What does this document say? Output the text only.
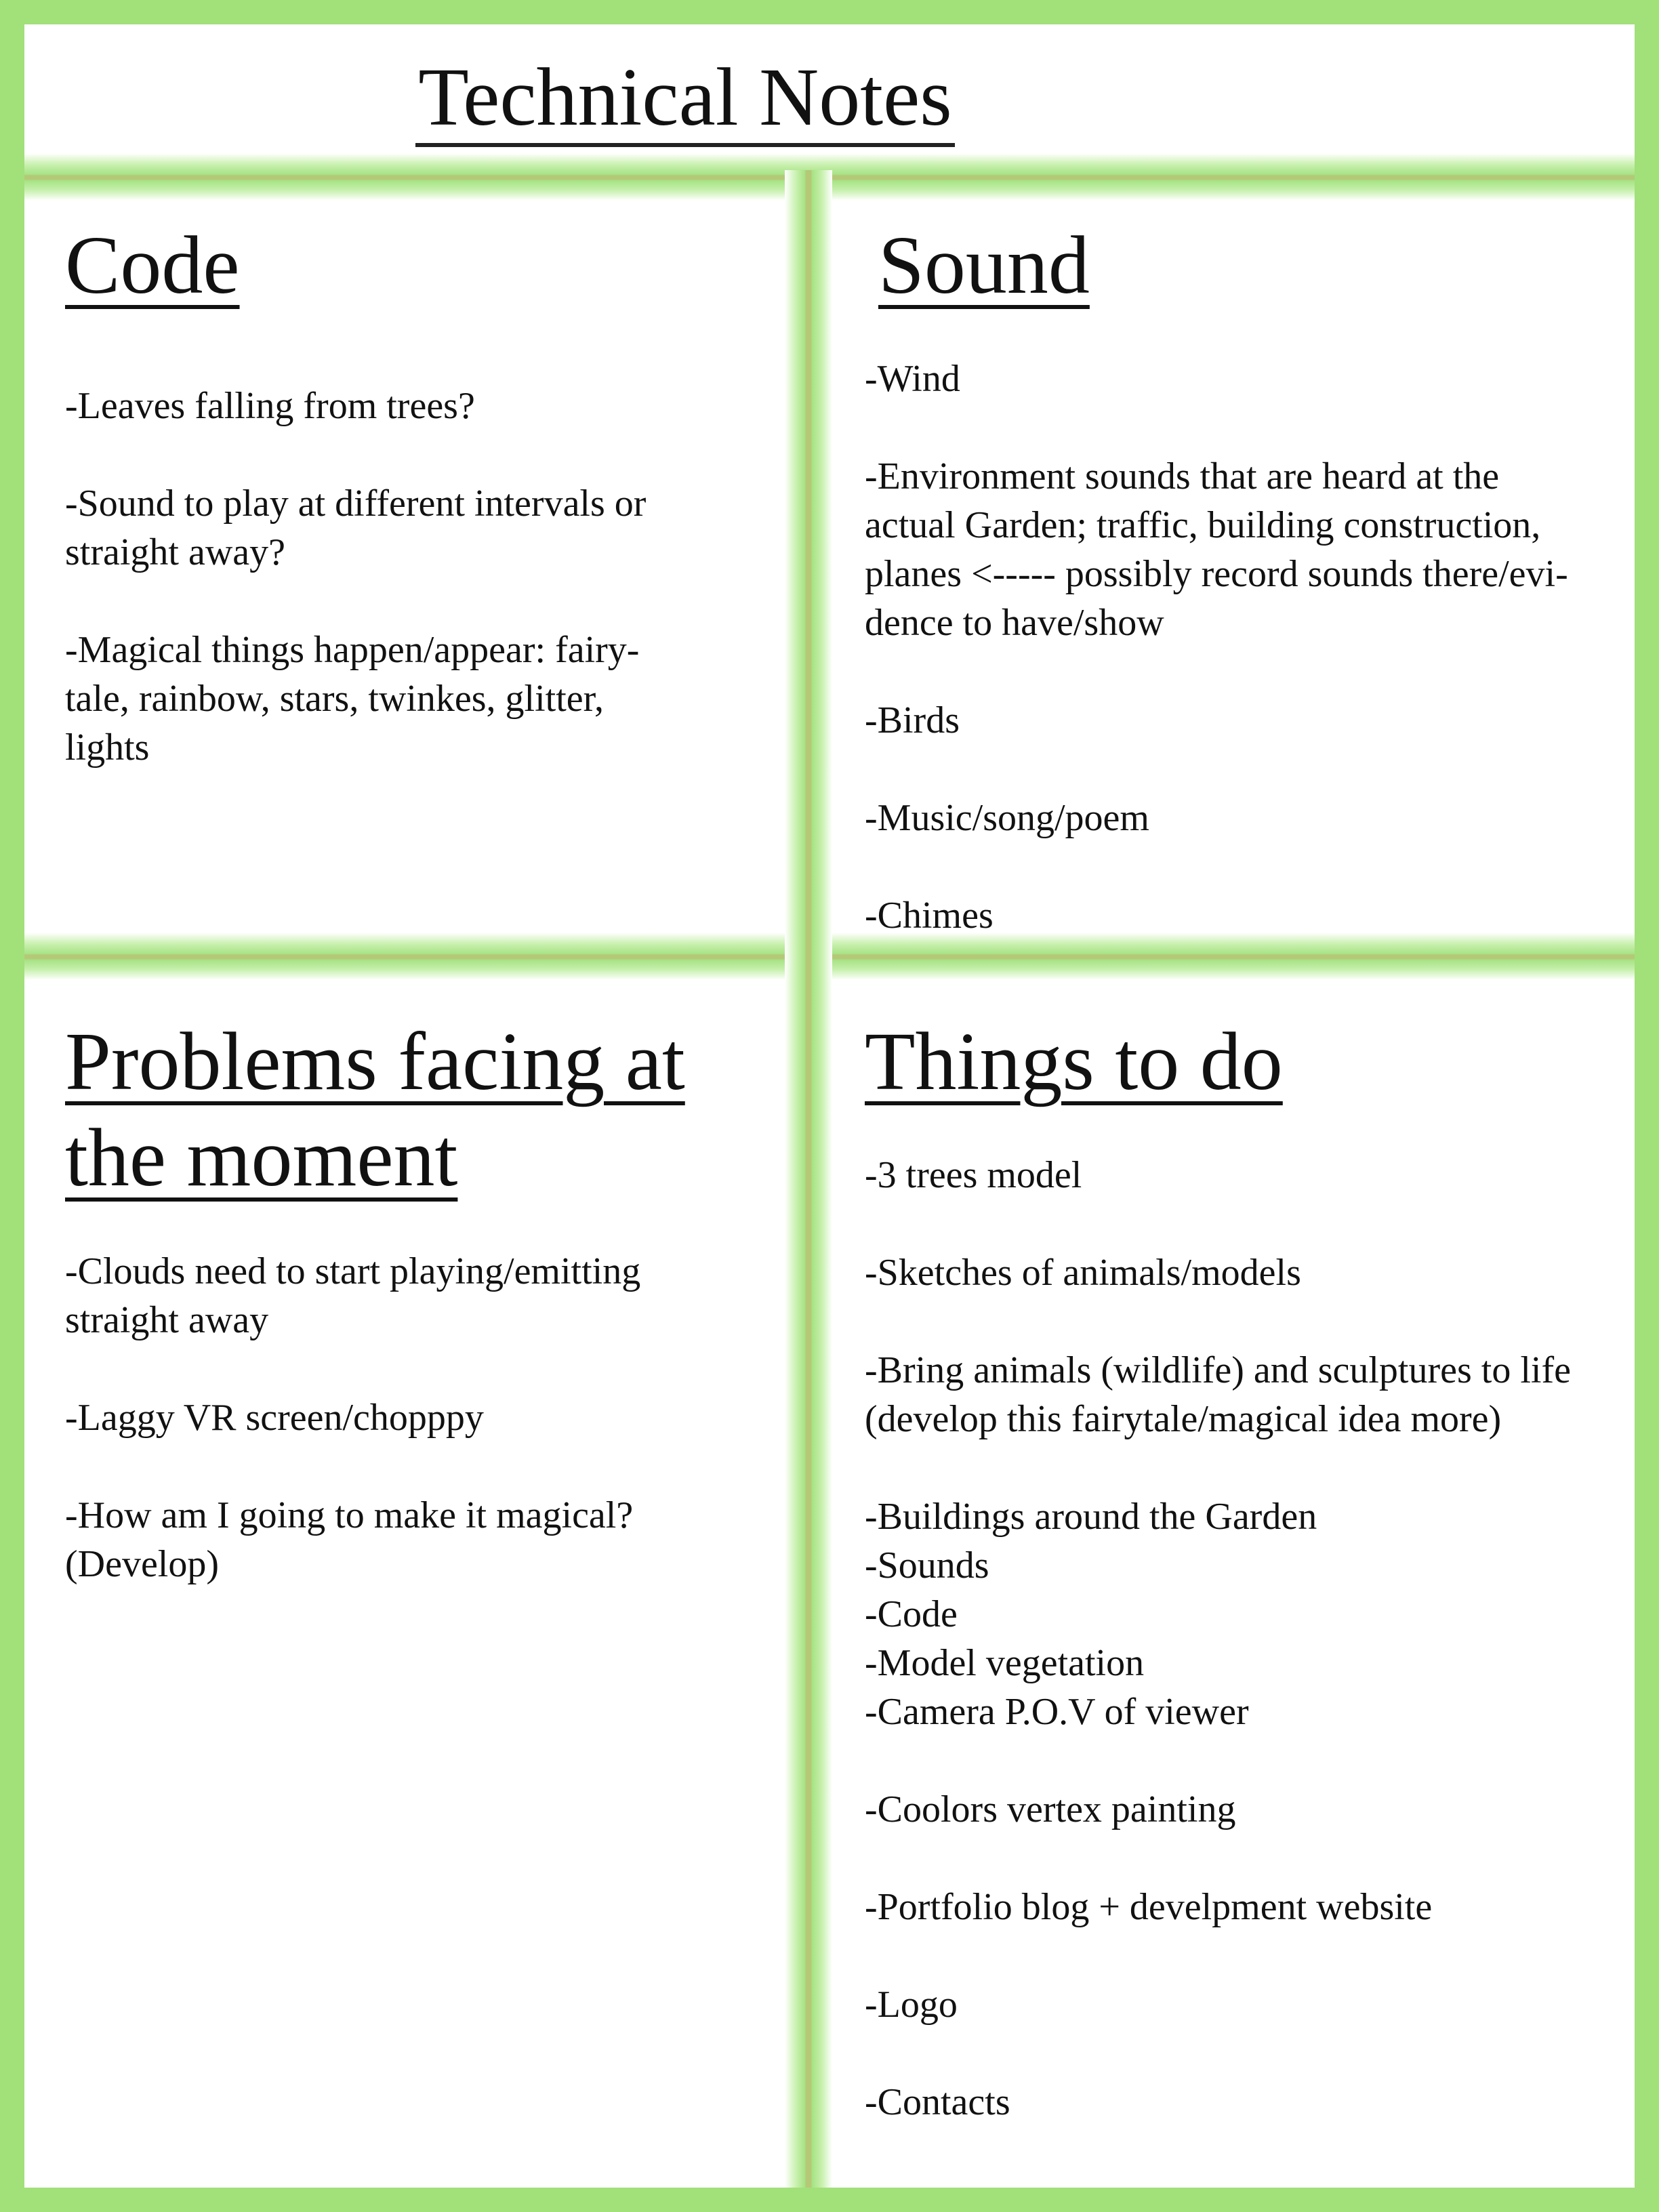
Technical Notes
Code

-Leaves falling from trees?

-Sound to play at different intervals or
straight away?

-Magical things happen/appear: fairy-
tale, rainbow, stars, twinkes, glitter,
lights

Sound

-Wind

-Environment sounds that are heard at the
actual Garden; traffic, building construction,
planes <----- possibly record sounds there/evi-
dence to have/show

-Birds

-Music/song/poem

-Chimes

Problems facing at
the moment

-Clouds need to start playing/emitting
straight away

-Laggy VR screen/chopppy

-How am I going to make it magical?
(Develop)

Things to do

-3 trees model

-Sketches of animals/models

-Bring animals (wildlife) and sculptures to life
(develop this fairytale/magical idea more)

-Buildings around the Garden

-Sounds

-Code

-Model vegetation

-Camera P.O.V of viewer

-Coolors vertex painting

-Portfolio blog + develpment website

-Logo

-Contacts
